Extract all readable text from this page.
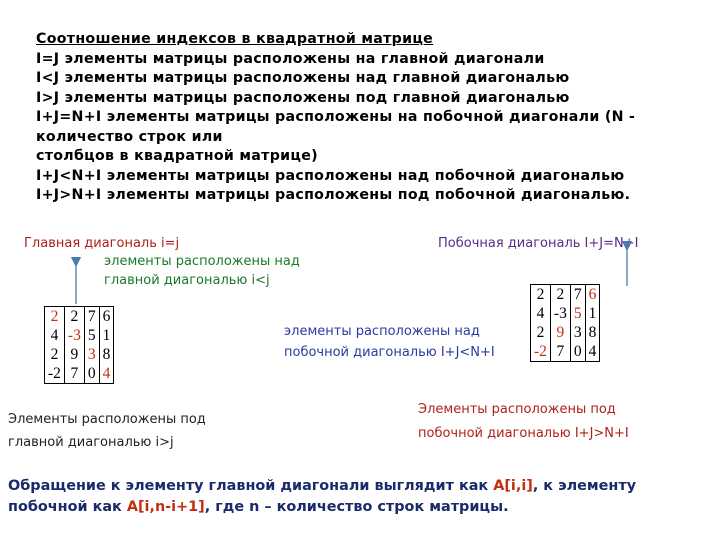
Соотношение индексов в квадратной матрице
I=J элементы матрицы расположены на главной диагонали
I<J элементы матрицы расположены над главной диагональю
I>J элементы матрицы расположены под главной диагональю
I+J=N+I элементы матрицы расположены на побочной диагонали (N -
количество строк или
столбцов в квадратной матрице)
I+J<N+I элементы матрицы расположены над побочной диагональю
I+J>N+I элементы матрицы расположены под побочной диагональю.
Главная диагональ i=j
элементы расположены над
главной диагональю i<j
2	2	7	6
4	-3	5	1
2	9	3	8
-2	7	0	4
Элементы расположены под
главной диагональю i>j
Побочная диагональ I+J=N+I
элементы расположены над
побочной диагональю I+J<N+I
2	2	7	6
4	-3	5	1
2	9	3	8
-2	7	0	4
Элементы расположены под
побочной диагональю I+J>N+I
Обращение к элементу главной диагонали выглядит как A[i,i], к элементу побочной как A[i,n-i+1], где n – количество строк матрицы.
